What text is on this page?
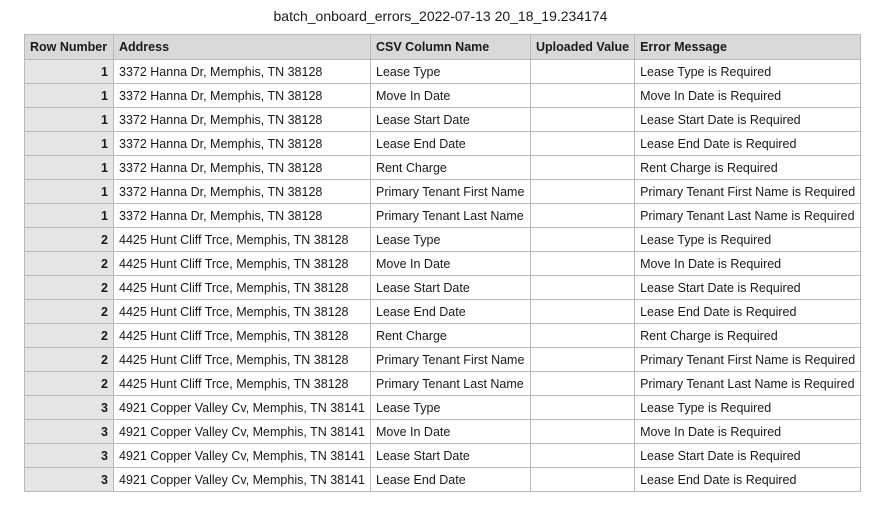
batch_onboard_errors_2022-07-13 20_18_19.234174
Row Number	Address	CSV Column Name	Uploaded Value	Error Message
1	3372 Hanna Dr, Memphis, TN 38128	Lease Type		Lease Type is Required
1	3372 Hanna Dr, Memphis, TN 38128	Move In Date		Move In Date is Required
1	3372 Hanna Dr, Memphis, TN 38128	Lease Start Date		Lease Start Date is Required
1	3372 Hanna Dr, Memphis, TN 38128	Lease End Date		Lease End Date is Required
1	3372 Hanna Dr, Memphis, TN 38128	Rent Charge		Rent Charge is Required
1	3372 Hanna Dr, Memphis, TN 38128	Primary Tenant First Name		Primary Tenant First Name is Required
1	3372 Hanna Dr, Memphis, TN 38128	Primary Tenant Last Name		Primary Tenant Last Name is Required
2	4425 Hunt Cliff Trce, Memphis, TN 38128	Lease Type		Lease Type is Required
2	4425 Hunt Cliff Trce, Memphis, TN 38128	Move In Date		Move In Date is Required
2	4425 Hunt Cliff Trce, Memphis, TN 38128	Lease Start Date		Lease Start Date is Required
2	4425 Hunt Cliff Trce, Memphis, TN 38128	Lease End Date		Lease End Date is Required
2	4425 Hunt Cliff Trce, Memphis, TN 38128	Rent Charge		Rent Charge is Required
2	4425 Hunt Cliff Trce, Memphis, TN 38128	Primary Tenant First Name		Primary Tenant First Name is Required
2	4425 Hunt Cliff Trce, Memphis, TN 38128	Primary Tenant Last Name		Primary Tenant Last Name is Required
3	4921 Copper Valley Cv, Memphis, TN 38141	Lease Type		Lease Type is Required
3	4921 Copper Valley Cv, Memphis, TN 38141	Move In Date		Move In Date is Required
3	4921 Copper Valley Cv, Memphis, TN 38141	Lease Start Date		Lease Start Date is Required
3	4921 Copper Valley Cv, Memphis, TN 38141	Lease End Date		Lease End Date is Required
